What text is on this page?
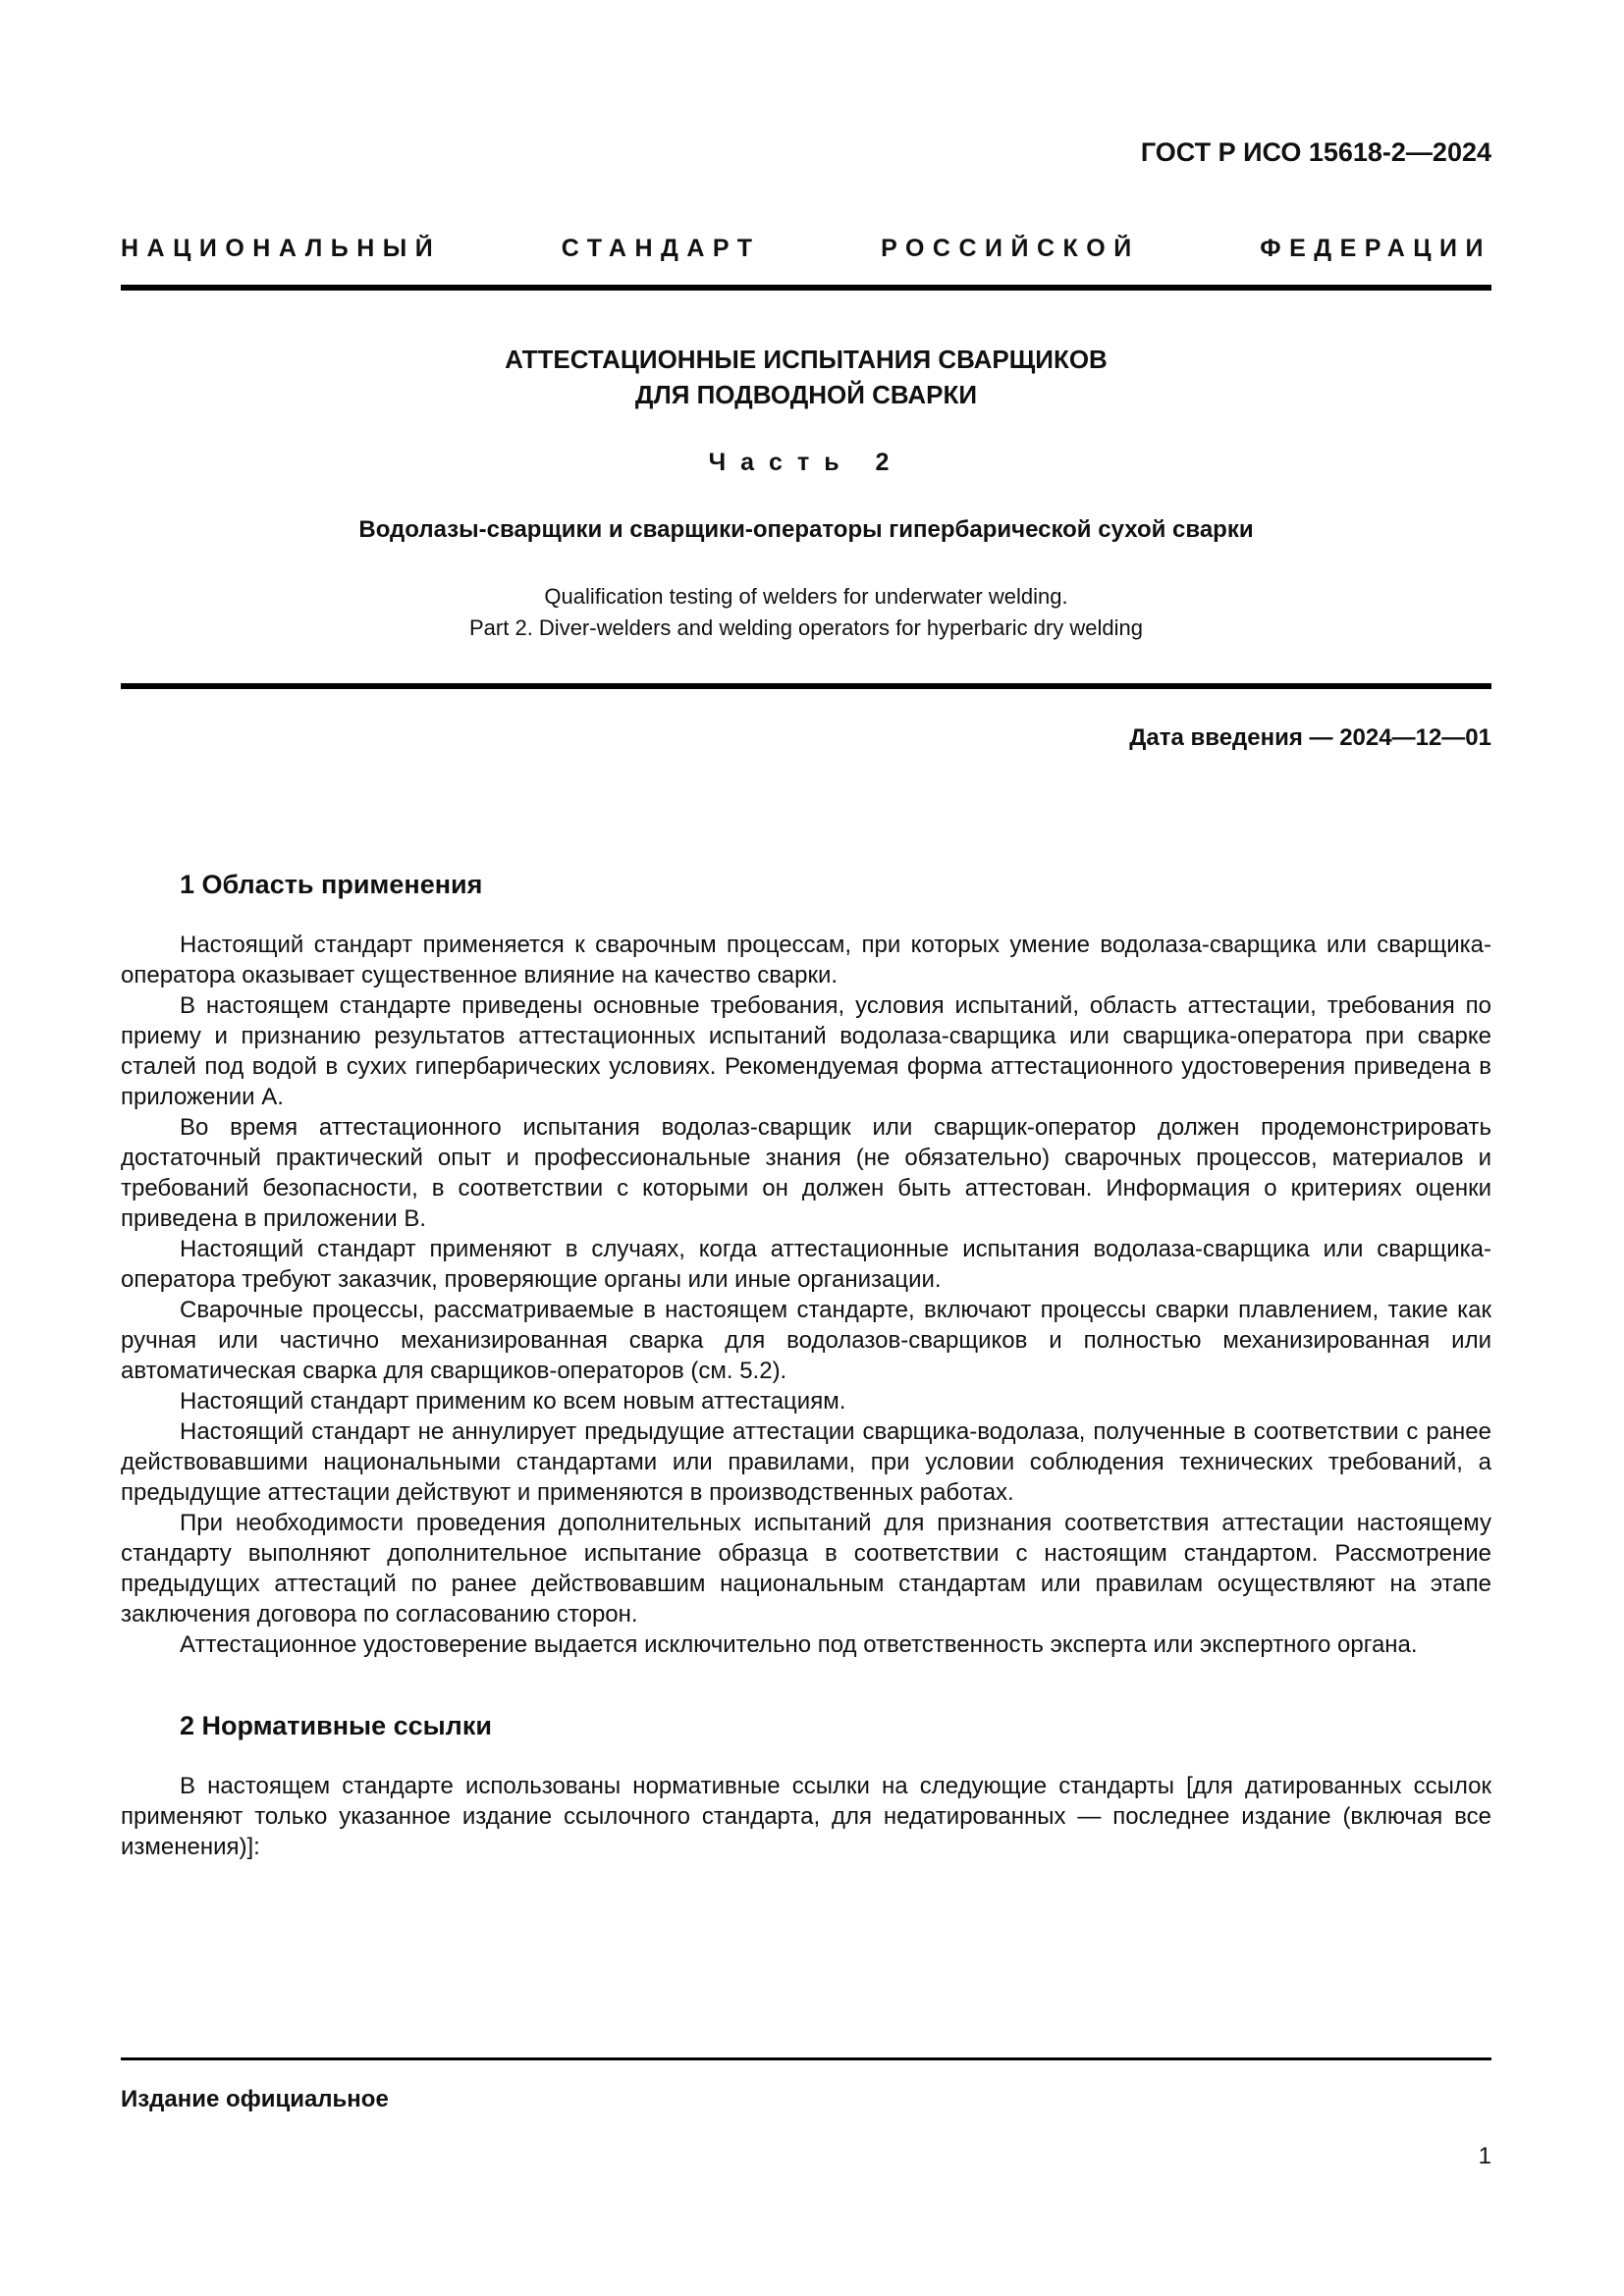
ГОСТ Р ИСО 15618-2—2024
НАЦИОНАЛЬНЫЙ СТАНДАРТ РОССИЙСКОЙ ФЕДЕРАЦИИ
АТТЕСТАЦИОННЫЕ ИСПЫТАНИЯ СВАРЩИКОВ
ДЛЯ ПОДВОДНОЙ СВАРКИ
Часть 2
Водолазы-сварщики и сварщики-операторы гипербарической сухой сварки
Qualification testing of welders for underwater welding.
Part 2. Diver-welders and welding operators for hyperbaric dry welding
Дата введения — 2024—12—01
1 Область применения

Настоящий стандарт применяется к сварочным процессам, при которых умение водолаза-сварщика или сварщика-оператора оказывает существенное влияние на качество сварки.

В настоящем стандарте приведены основные требования, условия испытаний, область аттестации, требования по приему и признанию результатов аттестационных испытаний водолаза-сварщика или сварщика-оператора при сварке сталей под водой в сухих гипербарических условиях. Рекомендуемая форма аттестационного удостоверения приведена в приложении А.

Во время аттестационного испытания водолаз-сварщик или сварщик-оператор должен продемонстрировать достаточный практический опыт и профессиональные знания (не обязательно) сварочных процессов, материалов и требований безопасности, в соответствии с которыми он должен быть аттестован. Информация о критериях оценки приведена в приложении В.

Настоящий стандарт применяют в случаях, когда аттестационные испытания водолаза-сварщика или сварщика-оператора требуют заказчик, проверяющие органы или иные организации.

Сварочные процессы, рассматриваемые в настоящем стандарте, включают процессы сварки плавлением, такие как ручная или частично механизированная сварка для водолазов-сварщиков и полностью механизированная или автоматическая сварка для сварщиков-операторов (см. 5.2).

Настоящий стандарт применим ко всем новым аттестациям.

Настоящий стандарт не аннулирует предыдущие аттестации сварщика-водолаза, полученные в соответствии с ранее действовавшими национальными стандартами или правилами, при условии соблюдения технических требований, а предыдущие аттестации действуют и применяются в производственных работах.

При необходимости проведения дополнительных испытаний для признания соответствия аттестации настоящему стандарту выполняют дополнительное испытание образца в соответствии с настоящим стандартом. Рассмотрение предыдущих аттестаций по ранее действовавшим национальным стандартам или правилам осуществляют на этапе заключения договора по согласованию сторон.

Аттестационное удостоверение выдается исключительно под ответственность эксперта или экспертного органа.

2 Нормативные ссылки

В настоящем стандарте использованы нормативные ссылки на следующие стандарты [для датированных ссылок применяют только указанное издание ссылочного стандарта, для недатированных — последнее издание (включая все изменения)]:

Издание официальное
1
